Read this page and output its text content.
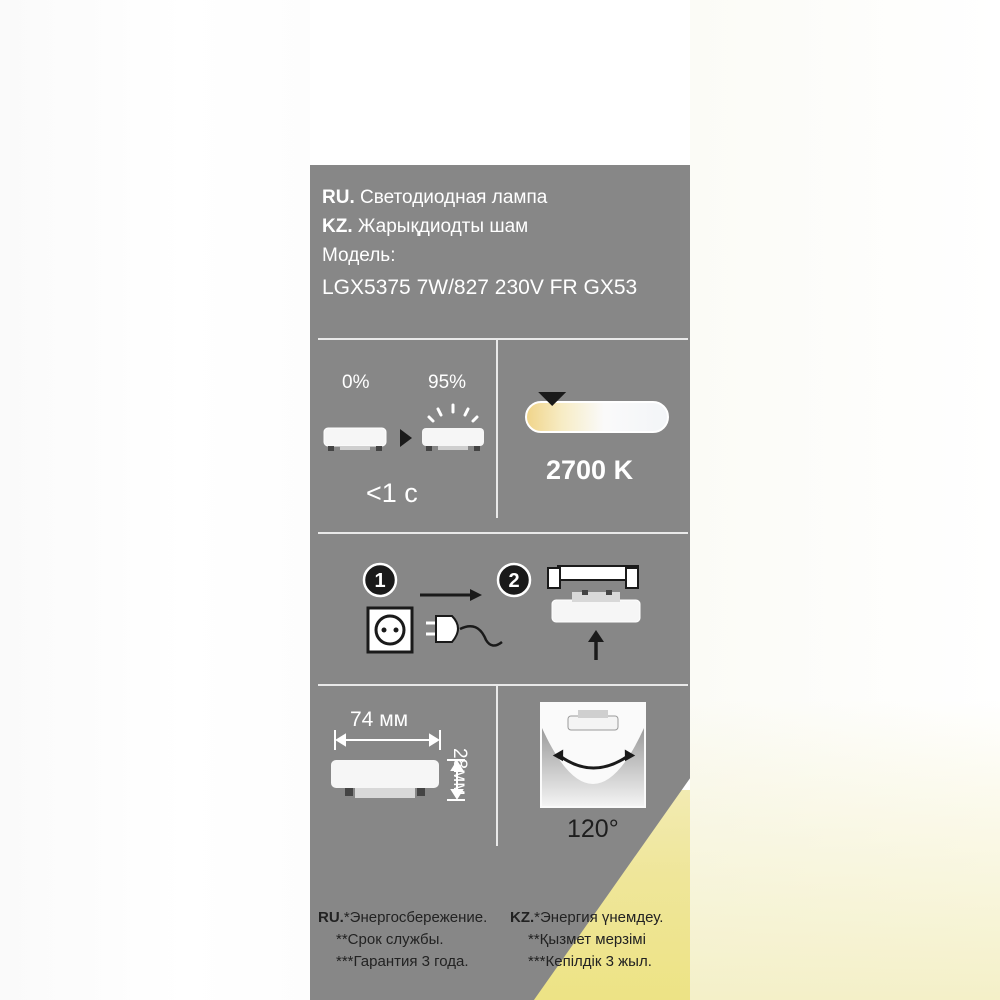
RU. Светодиодная лампа
KZ. Жарықдиодты шам
Модель:
LGX5375 7W/827 230V FR GX53
0%	95%
<1 c
2700 K
1	2
74 мм
28мм
120°
RU.*Энергосбережение.
**Срок службы.
***Гарантия 3 года.
KZ.*Энергия үнемдеу.
**Қызмет мерзімі
***Кепілдік 3 жыл.
